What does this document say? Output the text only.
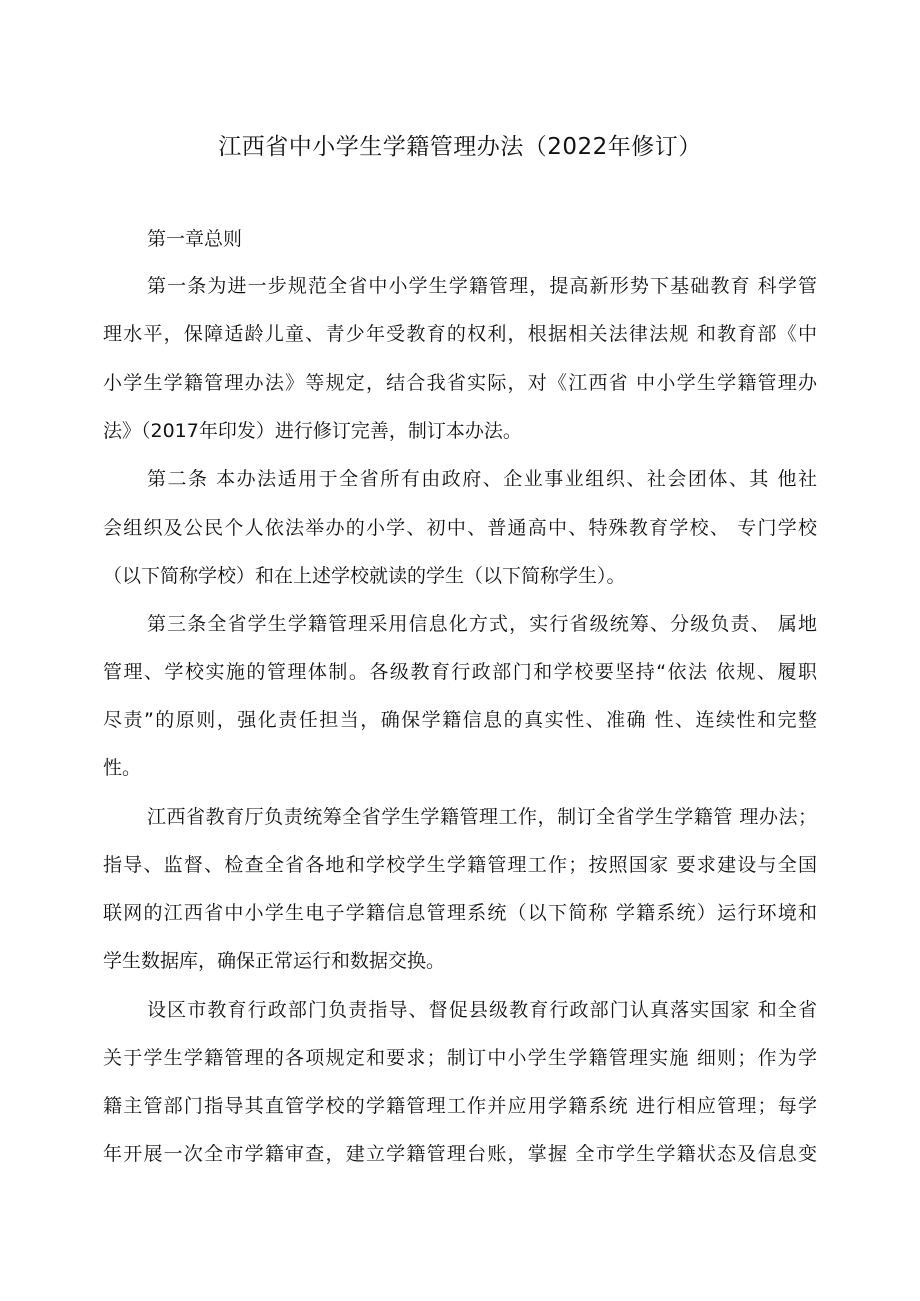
江西省中小学生学籍管理办法（2022年修订）
第一章总则
第一条为进一步规范全省中小学生学籍管理，提高新形势下基础教育 科学管
理水平，保障适龄儿童、青少年受教育的权利，根据相关法律法规 和教育部《中
小学生学籍管理办法》等规定，结合我省实际，对《江西省 中小学生学籍管理办
法》（2017年印发）进行修订完善，制订本办法。
第二条 本办法适用于全省所有由政府、企业事业组织、社会团体、其 他社
会组织及公民个人依法举办的小学、初中、普通高中、特殊教育学校、 专门学校
（以下简称学校）和在上述学校就读的学生（以下简称学生）。
第三条全省学生学籍管理采用信息化方式，实行省级统筹、分级负责、 属地
管理、学校实施的管理体制。各级教育行政部门和学校要坚持“依法 依规、履职
尽责”的原则，强化责任担当，确保学籍信息的真实性、准确 性、连续性和完整
性。
江西省教育厅负责统筹全省学生学籍管理工作，制订全省学生学籍管 理办法；
指导、监督、检查全省各地和学校学生学籍管理工作；按照国家 要求建设与全国
联网的江西省中小学生电子学籍信息管理系统（以下简称 学籍系统）运行环境和
学生数据库，确保正常运行和数据交换。
设区市教育行政部门负责指导、督促县级教育行政部门认真落实国家 和全省
关于学生学籍管理的各项规定和要求；制订中小学生学籍管理实施 细则；作为学
籍主管部门指导其直管学校的学籍管理工作并应用学籍系统 进行相应管理；每学
年开展一次全市学籍审查，建立学籍管理台账，掌握 全市学生学籍状态及信息变
